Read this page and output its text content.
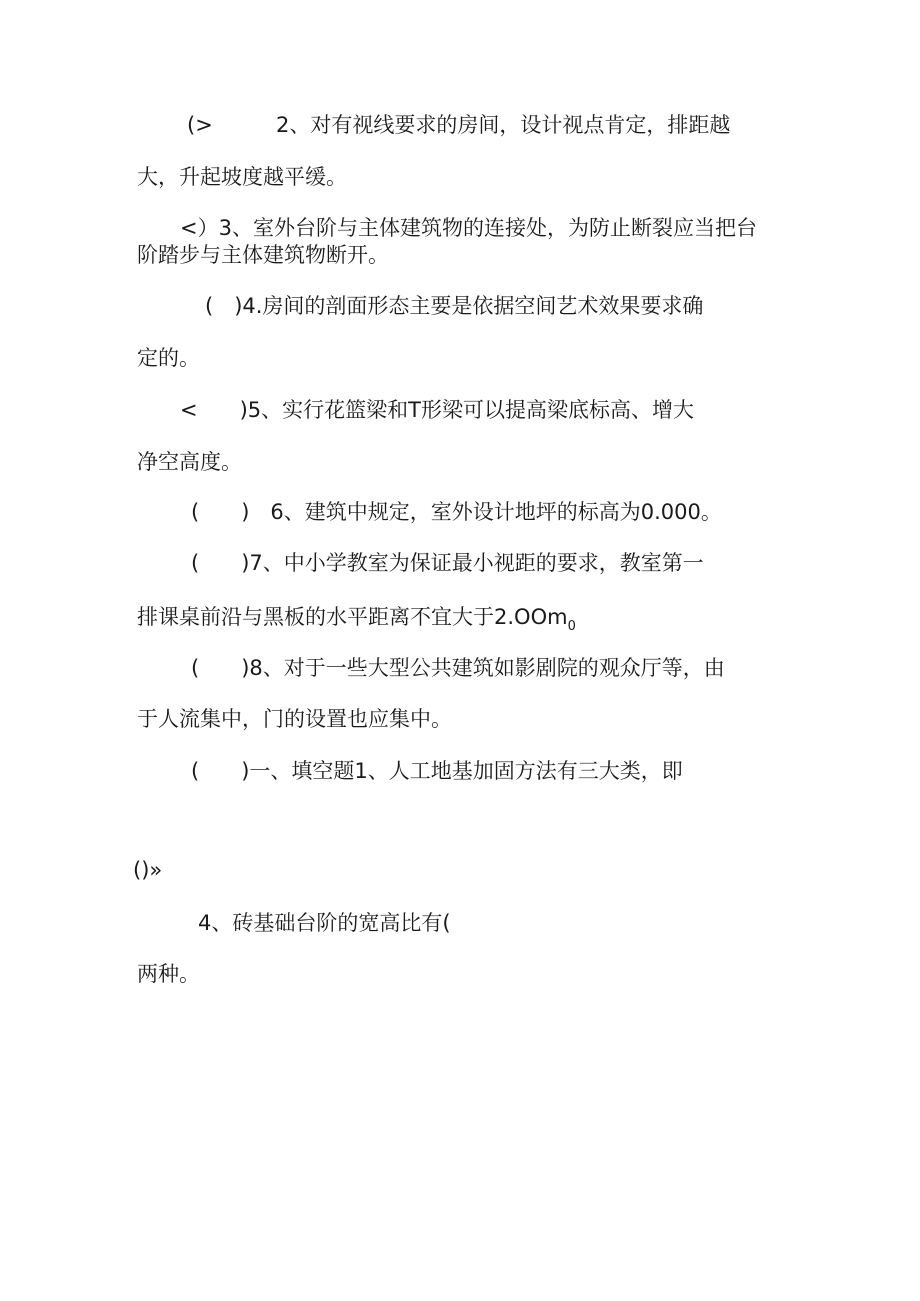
(>	2、对有视线要求的房间，设计视点肯定，排距越
大，升起坡度越平缓。
<）3、室外台阶与主体建筑物的连接处，为防止断裂应当把台
阶踏步与主体建筑物断开。
(　)4.房间的剖面形态主要是依据空间艺术效果要求确
定的。
<　　)5、实行花篮梁和T形梁可以提高梁底标高、增大
净空高度。
(　　)　6、建筑中规定，室外设计地坪的标高为0.000。
(　　)7、中小学教室为保证最小视距的要求，教室第一
排课桌前沿与黑板的水平距离不宜大于2.OOm$_0$
(　　)8、对于一些大型公共建筑如影剧院的观众厅等，由
于人流集中，门的设置也应集中。
(　　)一、填空题1、人工地基加固方法有三大类，即
()»
4、砖基础台阶的宽高比有(
两种。
